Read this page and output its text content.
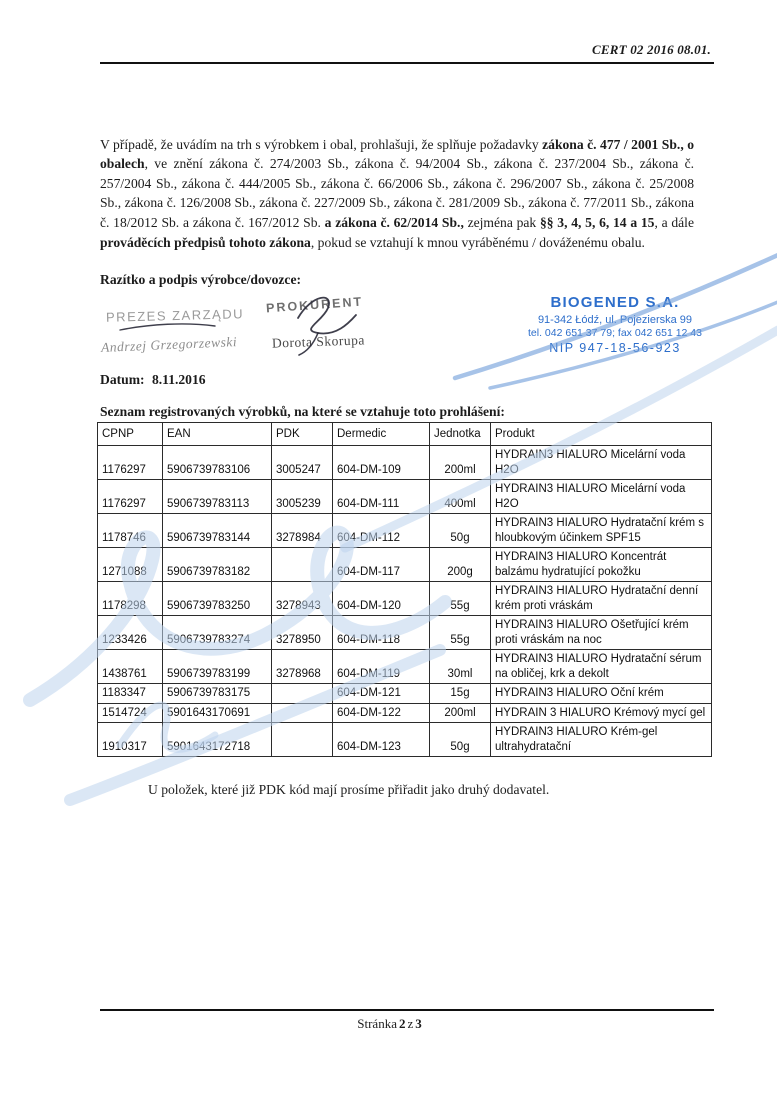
CERT 02 2016 08.01.

V případě, že uvádím na trh s výrobkem i obal, prohlašuji, že splňuje požadavky zákona č. 477 / 2001 Sb., o obalech, ve znění zákona č. 274/2003 Sb., zákona č. 94/2004 Sb., zákona č. 237/2004 Sb., zákona č. 257/2004 Sb., zákona č. 444/2005 Sb., zákona č. 66/2006 Sb., zákona č. 296/2007 Sb., zákona č. 25/2008 Sb., zákona č. 126/2008 Sb., zákona č. 227/2009 Sb., zákona č. 281/2009 Sb., zákona č. 77/2011 Sb., zákona č. 18/2012 Sb. a zákona č. 167/2012 Sb. a zákona č. 62/2014 Sb., zejména pak §§ 3, 4, 5, 6, 14 a 15, a dále prováděcích předpisů tohoto zákona, pokud se vztahují k mnou vyráběnému / dováženému obalu.

Razítko a podpis výrobce/dovozce:
PREZES ZARZĄDU
Andrzej Grzegorzewski
PROKURENT
Dorota Skorupa
BIOGENED S.A.
91-342 Łódź, ul. Pojezierska 99
tel. 042 651 37 79; fax 042 651 12 43
NIP 947-18-56-923
Datum: 8.11.2016
Seznam registrovaných výrobků, na které se vztahuje toto prohlášení:
CPNP	EAN	PDK	Dermedic	Jednotka	Produkt
1176297	5906739783106	3005247	604-DM-109	200ml	HYDRAIN3 HIALURO Micelární voda H2O
1176297	5906739783113	3005239	604-DM-111	400ml	HYDRAIN3 HIALURO Micelární voda H2O
1178746	5906739783144	3278984	604-DM-112	50g	HYDRAIN3 HIALURO Hydratační krém s hloubkovým účinkem SPF15
1271088	5906739783182		604-DM-117	200g	HYDRAIN3 HIALURO Koncentrát balzámu hydratující pokožku
1178298	5906739783250	3278943	604-DM-120	55g	HYDRAIN3 HIALURO Hydratační denní krém proti vráskám
1233426	5906739783274	3278950	604-DM-118	55g	HYDRAIN3 HIALURO Ošetřující krém proti vráskám na noc
1438761	5906739783199	3278968	604-DM-119	30ml	HYDRAIN3 HIALURO Hydratační sérum na obličej, krk a dekolt
1183347	5906739783175		604-DM-121	15g	HYDRAIN3 HIALURO Oční krém
1514724	5901643170691		604-DM-122	200ml	HYDRAIN 3 HIALURO Krémový mycí gel
1910317	5901643172718		604-DM-123	50g	HYDRAIN3 HIALURO Krém-gel ultrahydratační
U položek, které již PDK kód mají prosíme přiřadit jako druhý dodavatel.
Stránka 2 z 3
